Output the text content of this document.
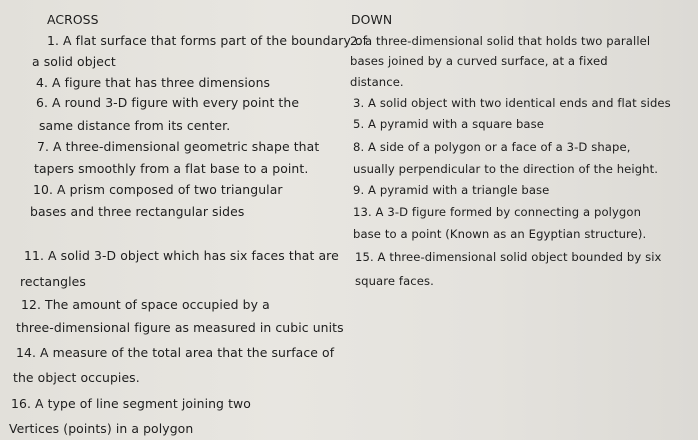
ACROSS
1. A flat surface that forms part of the boundary of
a solid object
4. A figure that has three dimensions
6. A round 3-D figure with every point the
same distance from its center.
7. A three-dimensional geometric shape that
tapers smoothly from a flat base to a point.
10. A prism composed of two triangular
bases and three rectangular sides
11. A solid 3-D object which has six faces that are
rectangles
12. The amount of space occupied by a
three-dimensional figure as measured in cubic units
14. A measure of the total area that the surface of
the object occupies.
16. A type of line segment joining two
Vertices (points) in a polygon
DOWN
2. a three-dimensional solid that holds two parallel
bases joined by a curved surface, at a fixed
distance.
3. A solid object with two identical ends and flat sides
5. A pyramid with a square base
8. A side of a polygon or a face of a 3-D shape,
usually perpendicular to the direction of the height.
9. A pyramid with a triangle base
13. A 3-D figure formed by connecting a polygon
base to a point (Known as an Egyptian structure).
15. A three-dimensional solid object bounded by six
square faces.
